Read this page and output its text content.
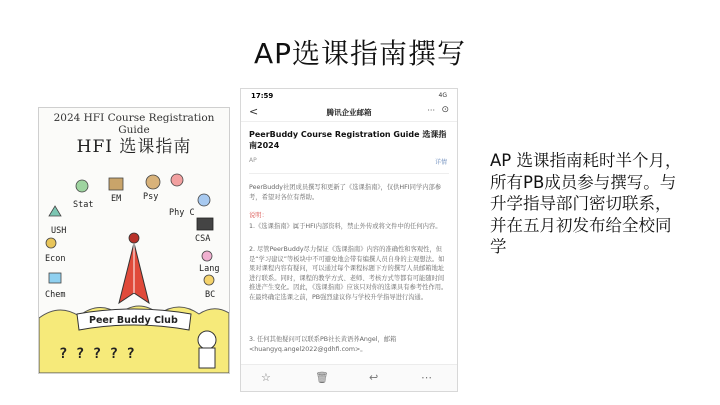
AP选课指南撰写
2024 HFI Course Registration Guide
HFI 选课指南
Stat
EM	Psy
Phy C
USH
CSA
Econ
Lang
Chem	BC
Peer Buddy Club
? ? ? ? ?
17:59	4G
<	腾讯企业邮箱	··· ⊙
PeerBuddy Course Registration Guide 选课指南2024
AP	详情
PeerBuddy社团成员撰写和更新了《选课指南》，仅供HFI同学内部参考，希望对各位有帮助。
说明：
1.《选课指南》属于HFI内部资料，禁止外传或将文件中的任何内容。
2. 尽管PeerBuddy尽力保证《选课指南》内容的准确性和客观性，但是“学习建议”等板块中不可避免地会带有编撰人员自身的主观想法。如果对课程内容有疑问，可以通过每个课程标题下方的撰写人员邮箱地址进行联系。同时，课程的教学方式、老师、考核方式等都有可能随时间推进产生变化。因此，《选课指南》应该只对你的选课具有参考性作用。在最终确定选课之前，PB强烈建议你与学校升学指导进行沟通。
3. 任何其他疑问可以联系PB社长黄语荞Angel，邮箱<huangyq.angel2022@gdhfi.com>。
☆	🗑	↩	⋯
AP 选课指南耗时半个月，所有PB成员参与撰写。与升学指导部门密切联系，并在五月初发布给全校同学
